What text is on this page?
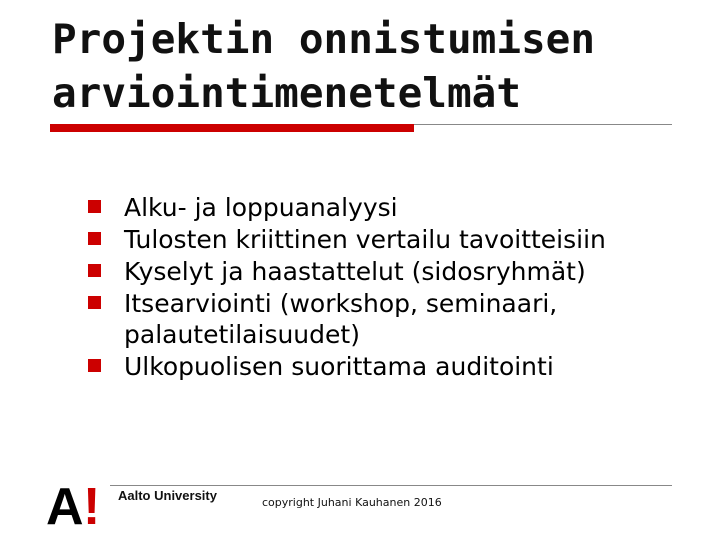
Projektin onnistumisen
arviointimenetelmät
Alku- ja loppuanalyysi
Tulosten kriittinen vertailu tavoitteisiin
Kyselyt ja haastattelut (sidosryhmät)
Itsearviointi (workshop, seminaari, palautetilaisuudet)
Ulkopuolisen suorittama auditointi
A ! Aalto University	copyright Juhani Kauhanen 2016
